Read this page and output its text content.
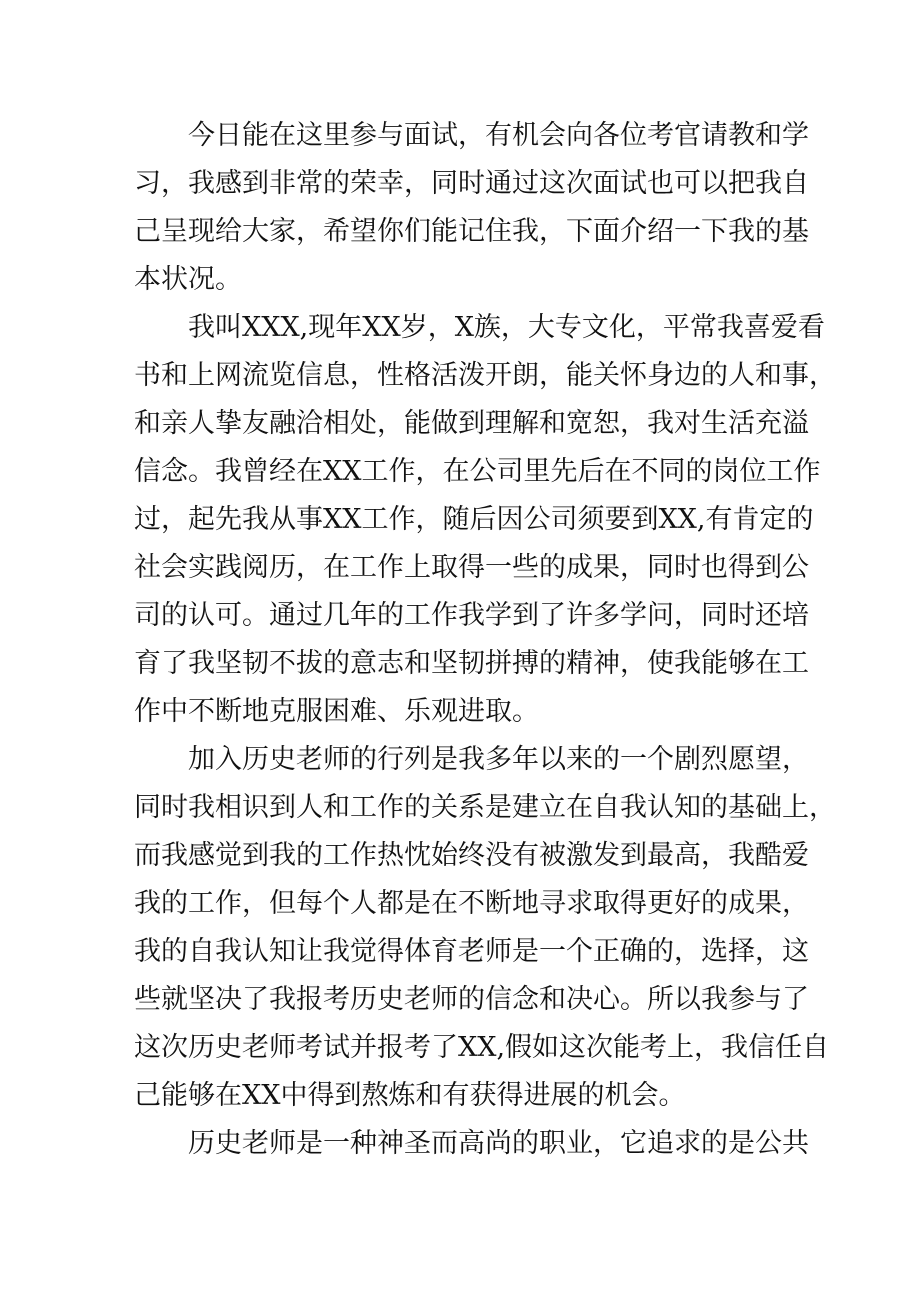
今日能在这里参与面试，有机会向各位考官请教和学
习，我感到非常的荣幸，同时通过这次面试也可以把我自
己呈现给大家，希望你们能记住我，下面介绍一下我的基
本状况。
我叫XXX,现年XX岁，X族，大专文化，平常我喜爱看
书和上网流览信息，性格活泼开朗，能关怀身边的人和事，
和亲人挚友融洽相处，能做到理解和宽恕，我对生活充溢
信念。我曾经在XX工作，在公司里先后在不同的岗位工作
过，起先我从事XX工作，随后因公司须要到XX,有肯定的
社会实践阅历，在工作上取得一些的成果，同时也得到公
司的认可。通过几年的工作我学到了许多学问，同时还培
育了我坚韧不拔的意志和坚韧拼搏的精神，使我能够在工
作中不断地克服困难、乐观进取。
加入历史老师的行列是我多年以来的一个剧烈愿望，
同时我相识到人和工作的关系是建立在自我认知的基础上，
而我感觉到我的工作热忱始终没有被激发到最高，我酷爱
我的工作，但每个人都是在不断地寻求取得更好的成果，
我的自我认知让我觉得体育老师是一个正确的，选择，这
些就坚决了我报考历史老师的信念和决心。所以我参与了
这次历史老师考试并报考了XX,假如这次能考上，我信任自
己能够在XX中得到熬炼和有获得进展的机会。
历史老师是一种神圣而高尚的职业，它追求的是公共
